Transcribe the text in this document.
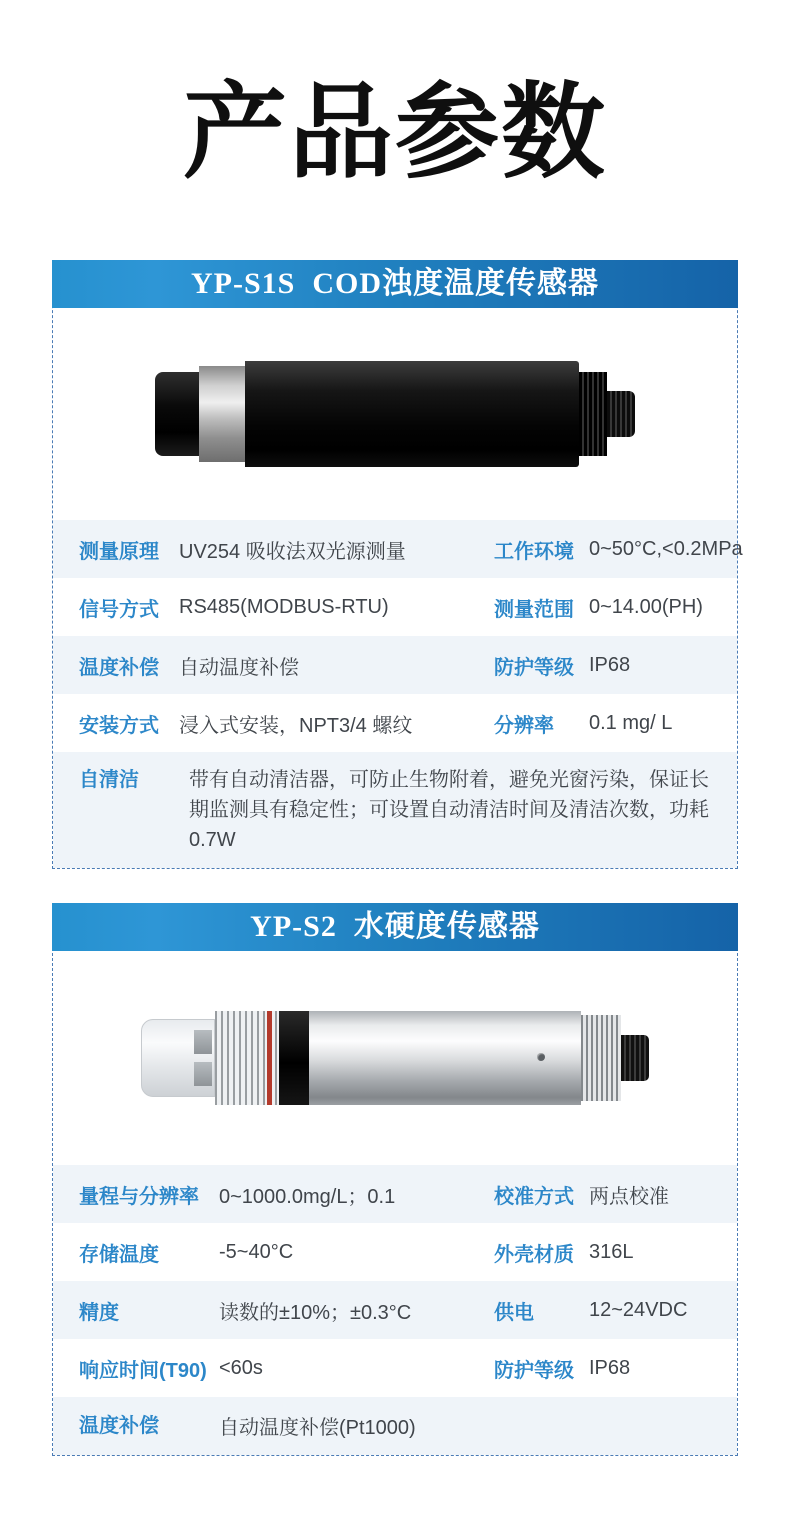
产品参数
YP-S1S  COD浊度温度传感器
测量原理	UV254 吸收法双光源测量	工作环境 0~50°C,<0.2MPa
信号方式	RS485(MODBUS-RTU)	测量范围 0~14.00(PH)
温度补偿	自动温度补偿	防护等级 IP68
安装方式	浸入式安装，NPT3/4 螺纹	分辨率	0.1 mg/ L
自清洁	带有自动清洁器，可防止生物附着，避免光窗污染，保证长期监测具有稳定性；可设置自动清洁时间及清洁次数，功耗0.7W
YP-S2  水硬度传感器
量程与分辨率	0~1000.0mg/L；0.1	校准方式 两点校准
存储温度	-5~40°C	外壳材质 316L
精度	读数的±10%；±0.3°C	供电	12~24VDC
响应时间(T90) <60s	防护等级 IP68
温度补偿	自动温度补偿(Pt1000)
